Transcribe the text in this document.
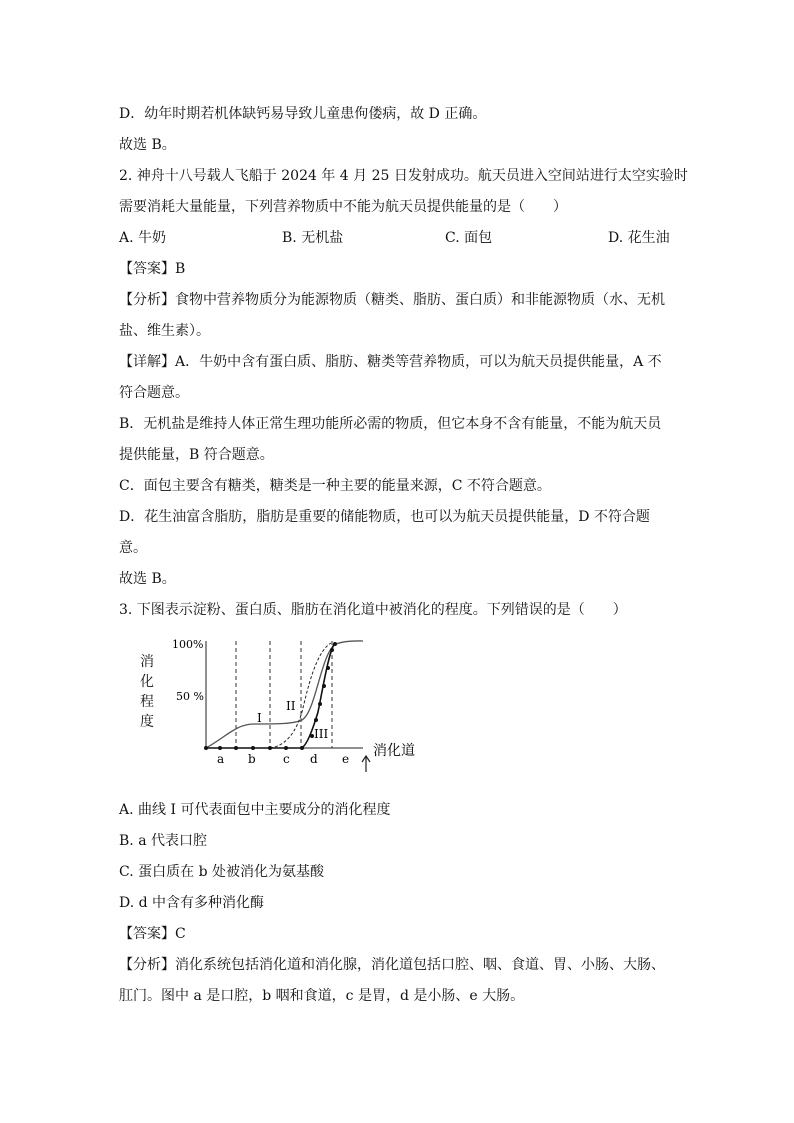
D．幼年时期若机体缺钙易导致儿童患佝偻病，故 D 正确。
故选 B。
2. 神舟十八号载人飞船于 2024 年 4 月 25 日发射成功。航天员进入空间站进行太空实验时
需要消耗大量能量，下列营养物质中不能为航天员提供能量的是（　　）
A. 牛奶	B. 无机盐	C. 面包	D. 花生油
【答案】B
【分析】食物中营养物质分为能源物质（糖类、脂肪、蛋白质）和非能源物质（水、无机
盐、维生素）。
【详解】A．牛奶中含有蛋白质、脂肪、糖类等营养物质，可以为航天员提供能量，A 不
符合题意。
B．无机盐是维持人体正常生理功能所必需的物质，但它本身不含有能量，不能为航天员
提供能量，B 符合题意。
C．面包主要含有糖类，糖类是一种主要的能量来源，C 不符合题意。
D．花生油富含脂肪，脂肪是重要的储能物质，也可以为航天员提供能量，D 不符合题
意。
故选 B。
3. 下图表示淀粉、蛋白质、脂肪在消化道中被消化的程度。下列错误的是（　　）
消
化
程
度
100%
50 %
I
II
III
a b c d e 消化道
A. 曲线 I 可代表面包中主要成分的消化程度
B. a 代表口腔
C. 蛋白质在 b 处被消化为氨基酸
D. d 中含有多种消化酶
【答案】C
【分析】消化系统包括消化道和消化腺，消化道包括口腔、咽、食道、胃、小肠、大肠、
肛门。图中 a 是口腔，b 咽和食道，c 是胃，d 是小肠、e 大肠。
